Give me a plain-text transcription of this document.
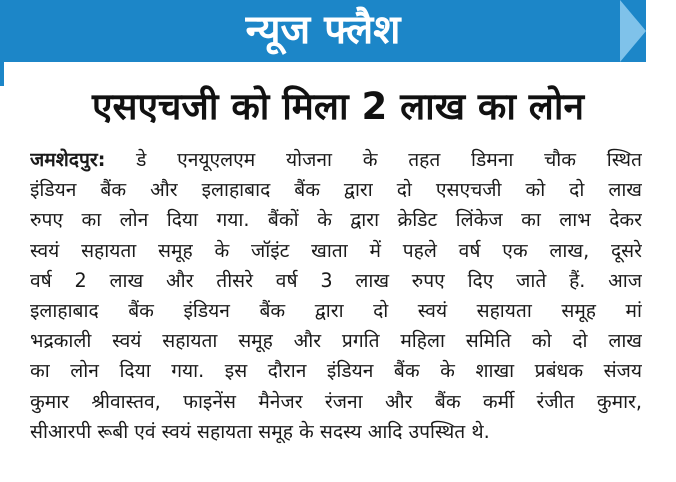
न्यूज फ्लैश
एसएचजी को मिला 2 लाख का लोन
जमशेदपुर: डे एनयूएलएम योजना के तहत डिमना चौक स्थित
इंडियन बैंक और इलाहाबाद बैंक द्वारा दो एसएचजी को दो लाख
रुपए का लोन दिया गया. बैंकों के द्वारा क्रेडिट लिंकेज का लाभ देकर
स्वयं सहायता समूह के जॉइंट खाता में पहले वर्ष एक लाख, दूसरे
वर्ष 2 लाख और तीसरे वर्ष 3 लाख रुपए दिए जाते हैं. आज
इलाहाबाद बैंक इंडियन बैंक द्वारा दो स्वयं सहायता समूह मां
भद्रकाली स्वयं सहायता समूह और प्रगति महिला समिति को दो लाख
का लोन दिया गया. इस दौरान इंडियन बैंक के शाखा प्रबंधक संजय
कुमार श्रीवास्तव, फाइनेंस मैनेजर रंजना और बैंक कर्मी रंजीत कुमार,
सीआरपी रूबी एवं स्वयं सहायता समूह के सदस्य आदि उपस्थित थे.
